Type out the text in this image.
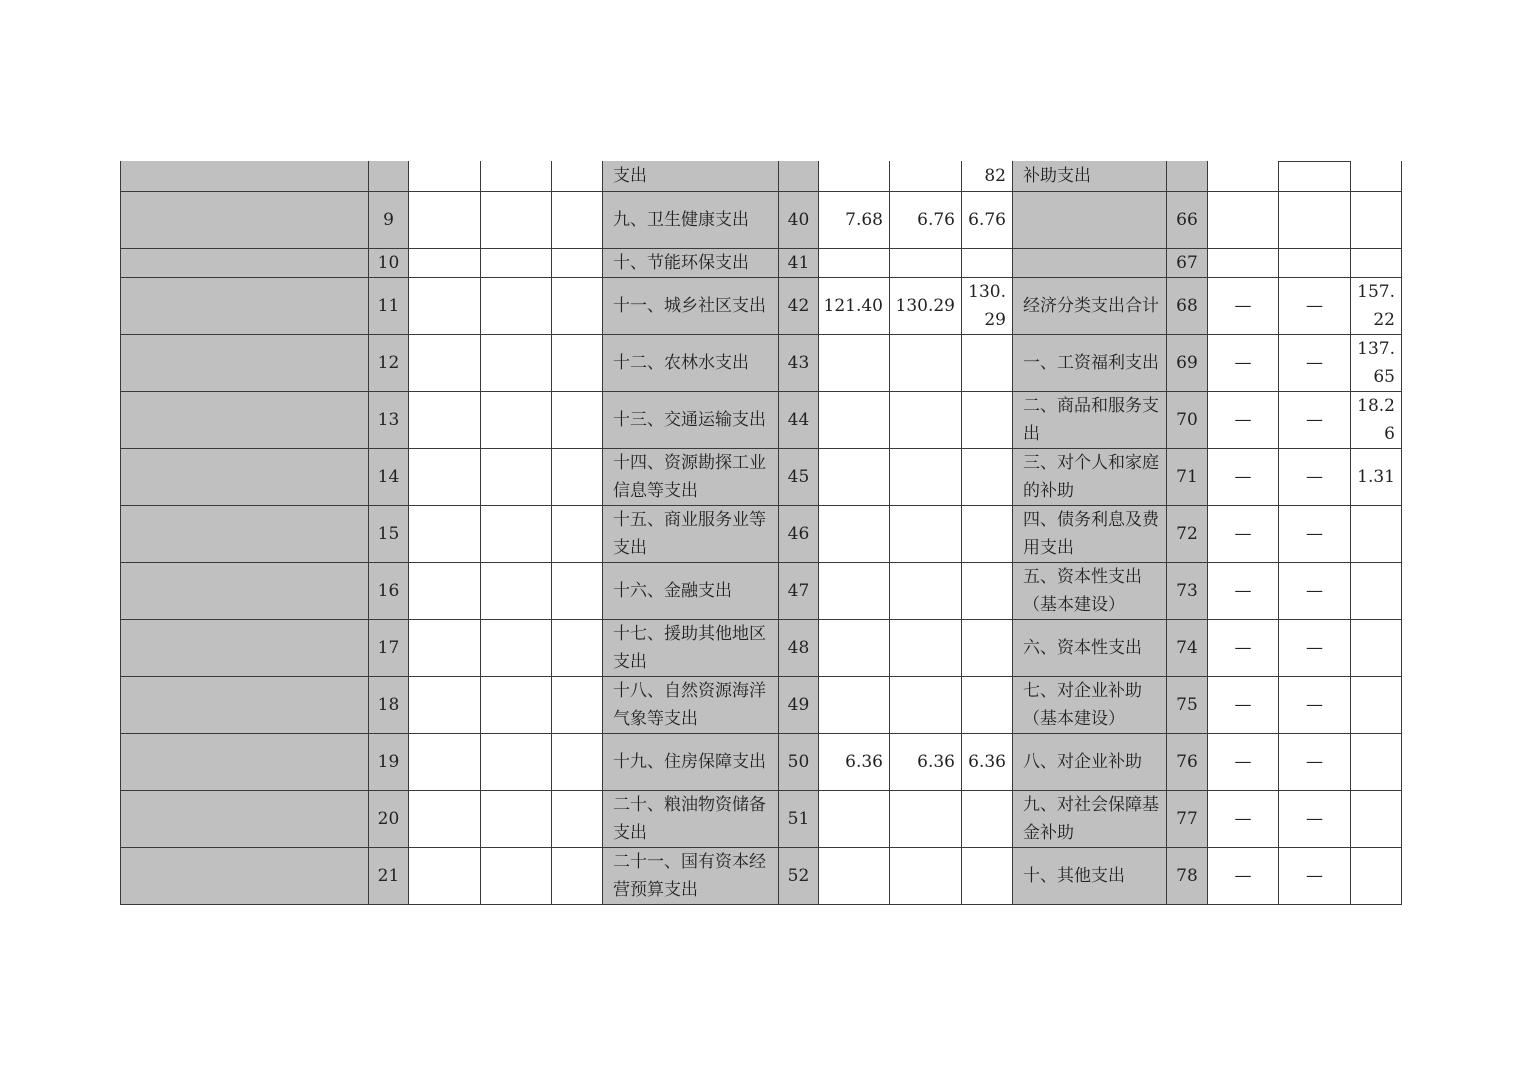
					支出				82	补助支出			

	9				九、卫生健康支出	40	7.68	6.76	6.76		66			
	10				十、节能环保支出	41					67			
	11				十一、城乡社区支出	42	121.40	130.29	130.29	经济分类支出合计	68	—	—	157.22
	12				十二、农林水支出	43				一、工资福利支出	69	—	—	137.65
	13				十三、交通运输支出	44				二、商品和服务支出	70	—	—	18.26
	14				十四、资源勘探工业信息等支出	45				三、对个人和家庭的补助	71	—	—	1.31
	15				十五、商业服务业等支出	46				四、债务利息及费用支出	72	—	—	
	16				十六、金融支出	47				五、资本性支出（基本建设）	73	—	—	
	17				十七、援助其他地区支出	48				六、资本性支出	74	—	—	
	18				十八、自然资源海洋气象等支出	49				七、对企业补助（基本建设）	75	—	—	
	19				十九、住房保障支出	50	6.36	6.36	6.36	八、对企业补助	76	—	—	
	20				二十、粮油物资储备支出	51				九、对社会保障基金补助	77	—	—	
	21				二十一、国有资本经营预算支出	52				十、其他支出	78	—	—	
